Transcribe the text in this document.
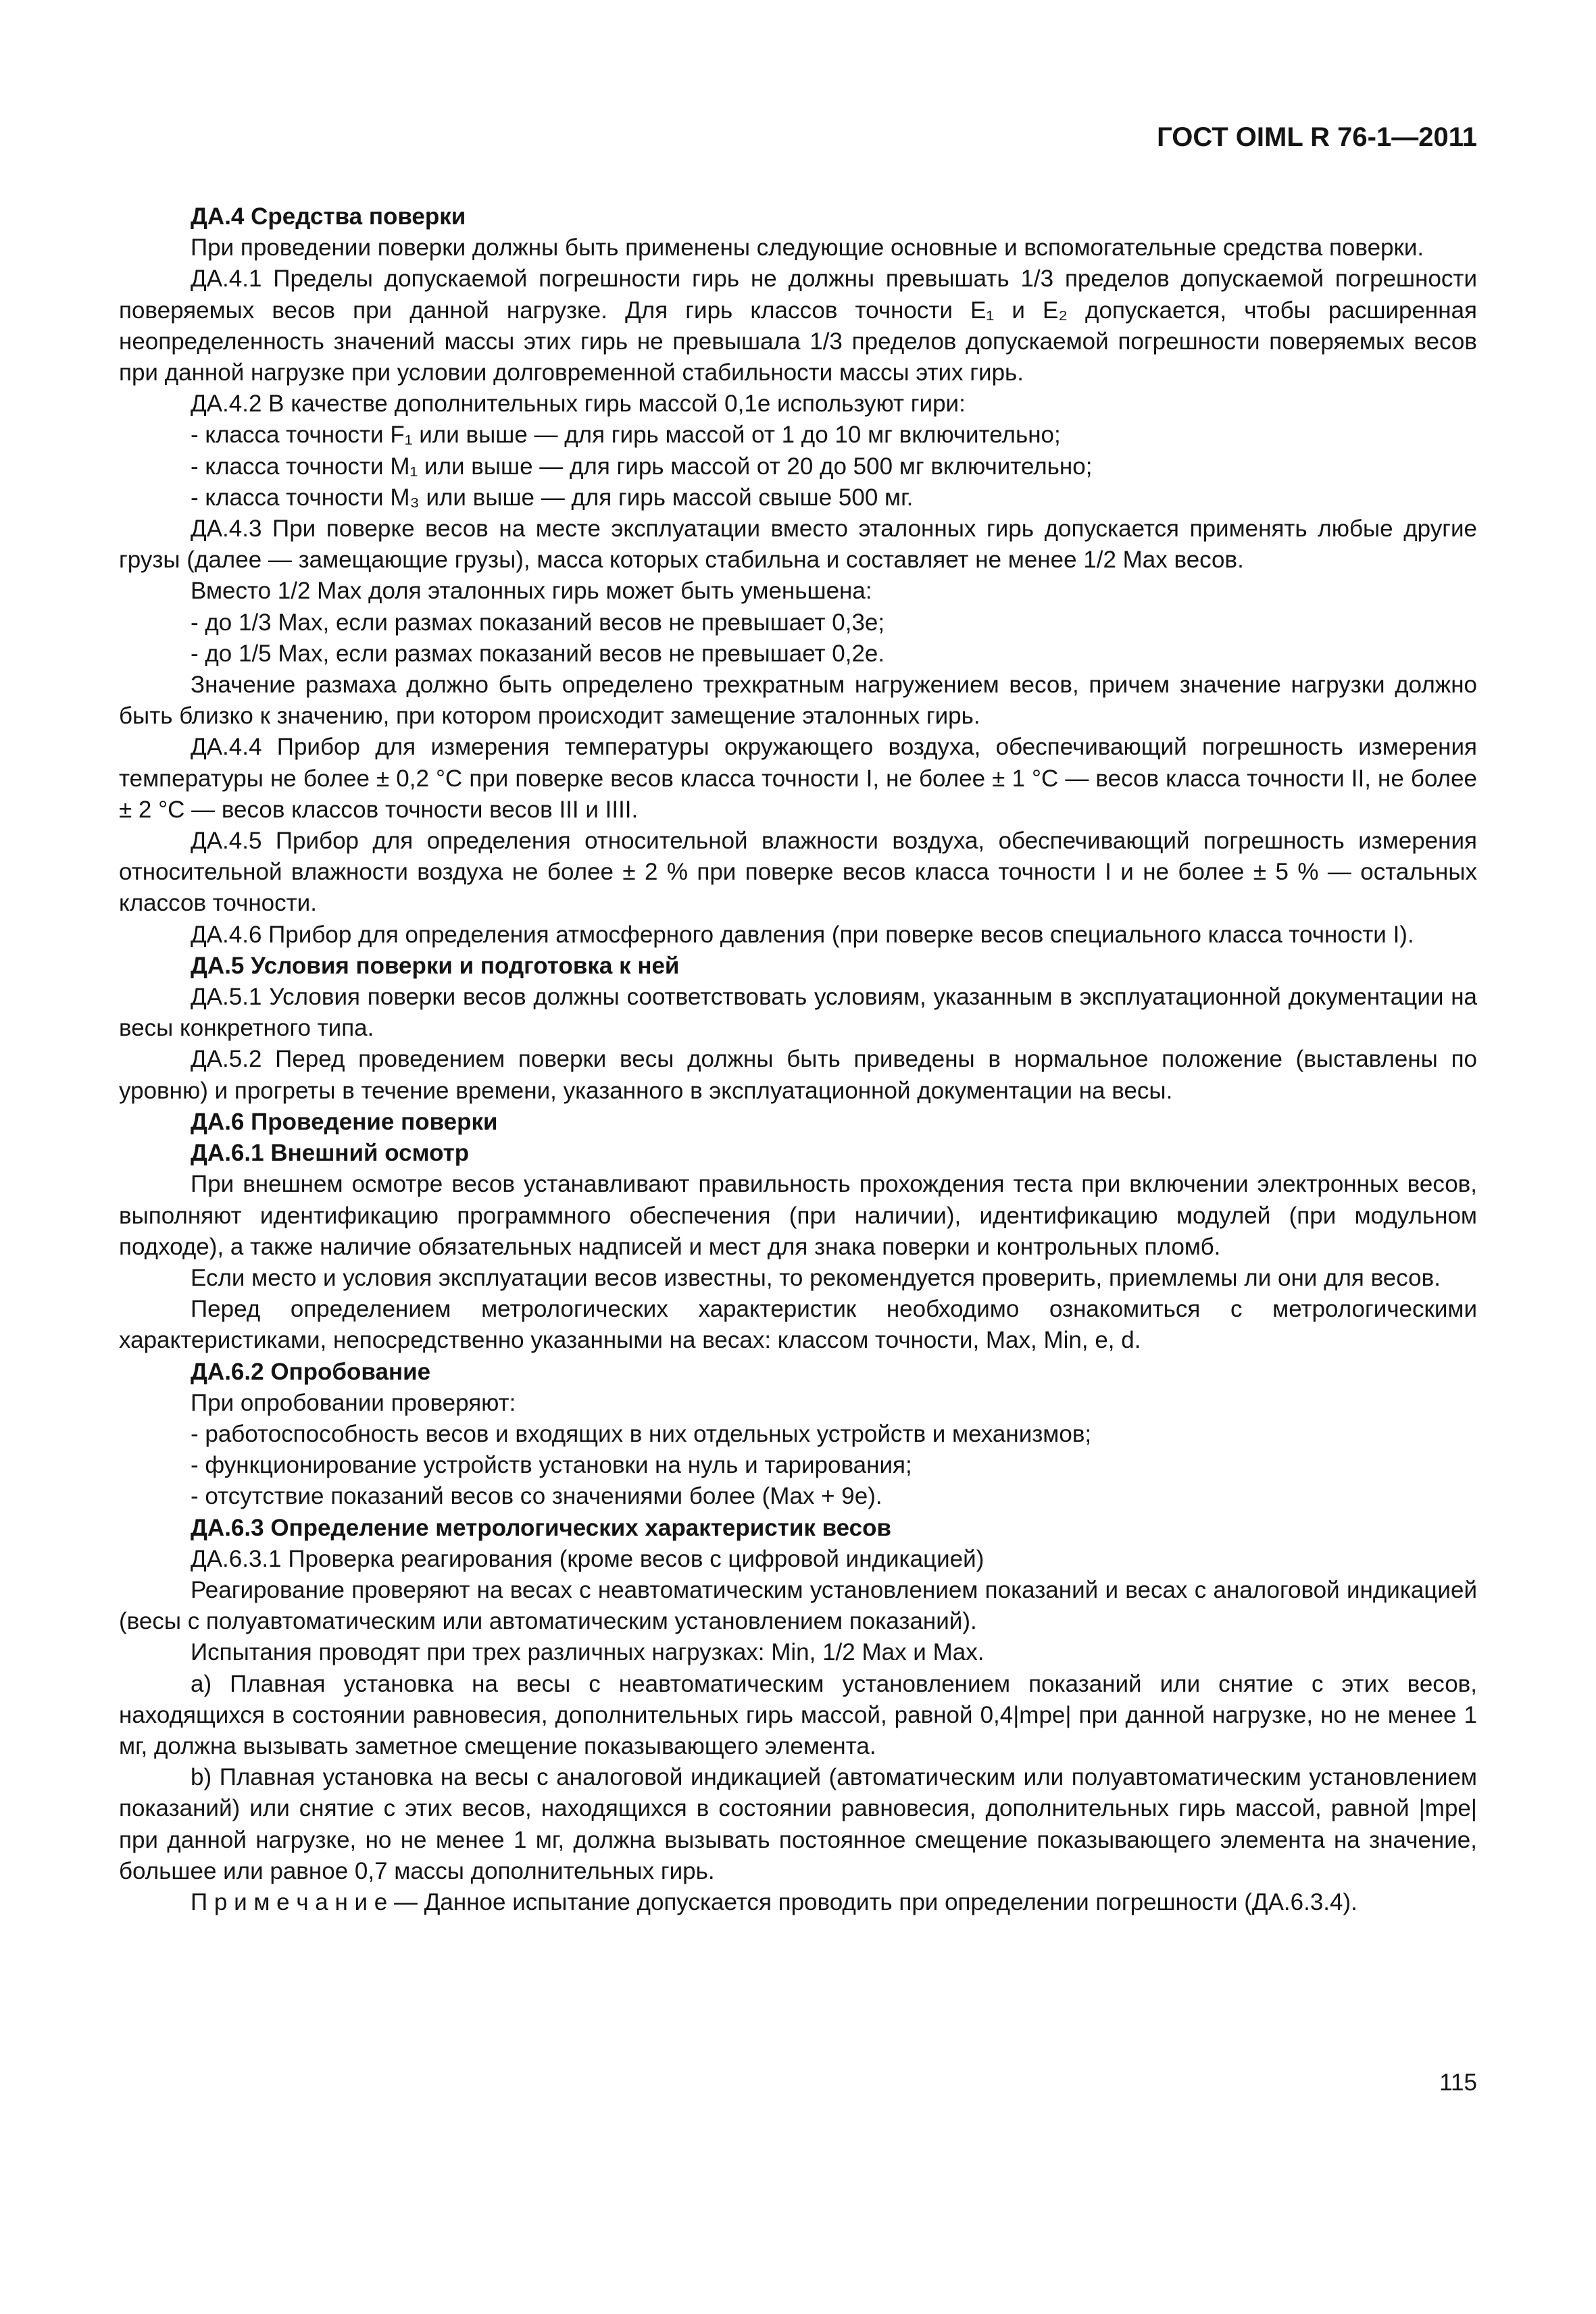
ГОСТ OIML R 76-1—2011

ДА.4 Средства поверки

При проведении поверки должны быть применены следующие основные и вспомогательные средства поверки.

ДА.4.1 Пределы допускаемой погрешности гирь не должны превышать 1/3 пределов допускаемой погрешности поверяемых весов при данной нагрузке. Для гирь классов точности E₁ и E₂ допускается, чтобы расширенная неопределенность значений массы этих гирь не превышала 1/3 пределов допускаемой погрешности поверяемых весов при данной нагрузке при условии долговременной стабильности массы этих гирь.

ДА.4.2 В качестве дополнительных гирь массой 0,1e используют гири:

- класса точности F₁ или выше — для гирь массой от 1 до 10 мг включительно;

- класса точности M₁ или выше — для гирь массой от 20 до 500 мг включительно;

- класса точности M₃ или выше — для гирь массой свыше 500 мг.

ДА.4.3 При поверке весов на месте эксплуатации вместо эталонных гирь допускается применять любые другие грузы (далее — замещающие грузы), масса которых стабильна и составляет не менее 1/2 Max весов.

Вместо 1/2 Max доля эталонных гирь может быть уменьшена:

- до 1/3 Max, если размах показаний весов не превышает 0,3e;

- до 1/5 Max, если размах показаний весов не превышает 0,2e.

Значение размаха должно быть определено трехкратным нагружением весов, причем значение нагрузки должно быть близко к значению, при котором происходит замещение эталонных гирь.

ДА.4.4 Прибор для измерения температуры окружающего воздуха, обеспечивающий погрешность измерения температуры не более ± 0,2 °С при поверке весов класса точности I, не более ± 1 °С — весов класса точности II, не более ± 2 °С — весов классов точности весов III и IIII.

ДА.4.5 Прибор для определения относительной влажности воздуха, обеспечивающий погрешность измерения относительной влажности воздуха не более ± 2 % при поверке весов класса точности I и не более ± 5 % — остальных классов точности.

ДА.4.6 Прибор для определения атмосферного давления (при поверке весов специального класса точности I).

ДА.5 Условия поверки и подготовка к ней

ДА.5.1 Условия поверки весов должны соответствовать условиям, указанным в эксплуатационной документации на весы конкретного типа.

ДА.5.2 Перед проведением поверки весы должны быть приведены в нормальное положение (выставлены по уровню) и прогреты в течение времени, указанного в эксплуатационной документации на весы.

ДА.6 Проведение поверки

ДА.6.1 Внешний осмотр

При внешнем осмотре весов устанавливают правильность прохождения теста при включении электронных весов, выполняют идентификацию программного обеспечения (при наличии), идентификацию модулей (при модульном подходе), а также наличие обязательных надписей и мест для знака поверки и контрольных пломб.

Если место и условия эксплуатации весов известны, то рекомендуется проверить, приемлемы ли они для весов.

Перед определением метрологических характеристик необходимо ознакомиться с метрологическими характеристиками, непосредственно указанными на весах: классом точности, Max, Min, e, d.

ДА.6.2 Опробование

При опробовании проверяют:

- работоспособность весов и входящих в них отдельных устройств и механизмов;

- функционирование устройств установки на нуль и тарирования;

- отсутствие показаний весов со значениями более (Max + 9e).

ДА.6.3 Определение метрологических характеристик весов

ДА.6.3.1 Проверка реагирования (кроме весов с цифровой индикацией)

Реагирование проверяют на весах с неавтоматическим установлением показаний и весах с аналоговой индикацией (весы с полуавтоматическим или автоматическим установлением показаний).

Испытания проводят при трех различных нагрузках: Min, 1/2 Max и Max.

a) Плавная установка на весы с неавтоматическим установлением показаний или снятие с этих весов, находящихся в состоянии равновесия, дополнительных гирь массой, равной 0,4|mpe| при данной нагрузке, но не менее 1 мг, должна вызывать заметное смещение показывающего элемента.

b) Плавная установка на весы с аналоговой индикацией (автоматическим или полуавтоматическим установлением показаний) или снятие с этих весов, находящихся в состоянии равновесия, дополнительных гирь массой, равной |mpe| при данной нагрузке, но не менее 1 мг, должна вызывать постоянное смещение показывающего элемента на значение, большее или равное 0,7 массы дополнительных гирь.

П р и м е ч а н и е — Данное испытание допускается проводить при определении погрешности (ДА.6.3.4).

115
